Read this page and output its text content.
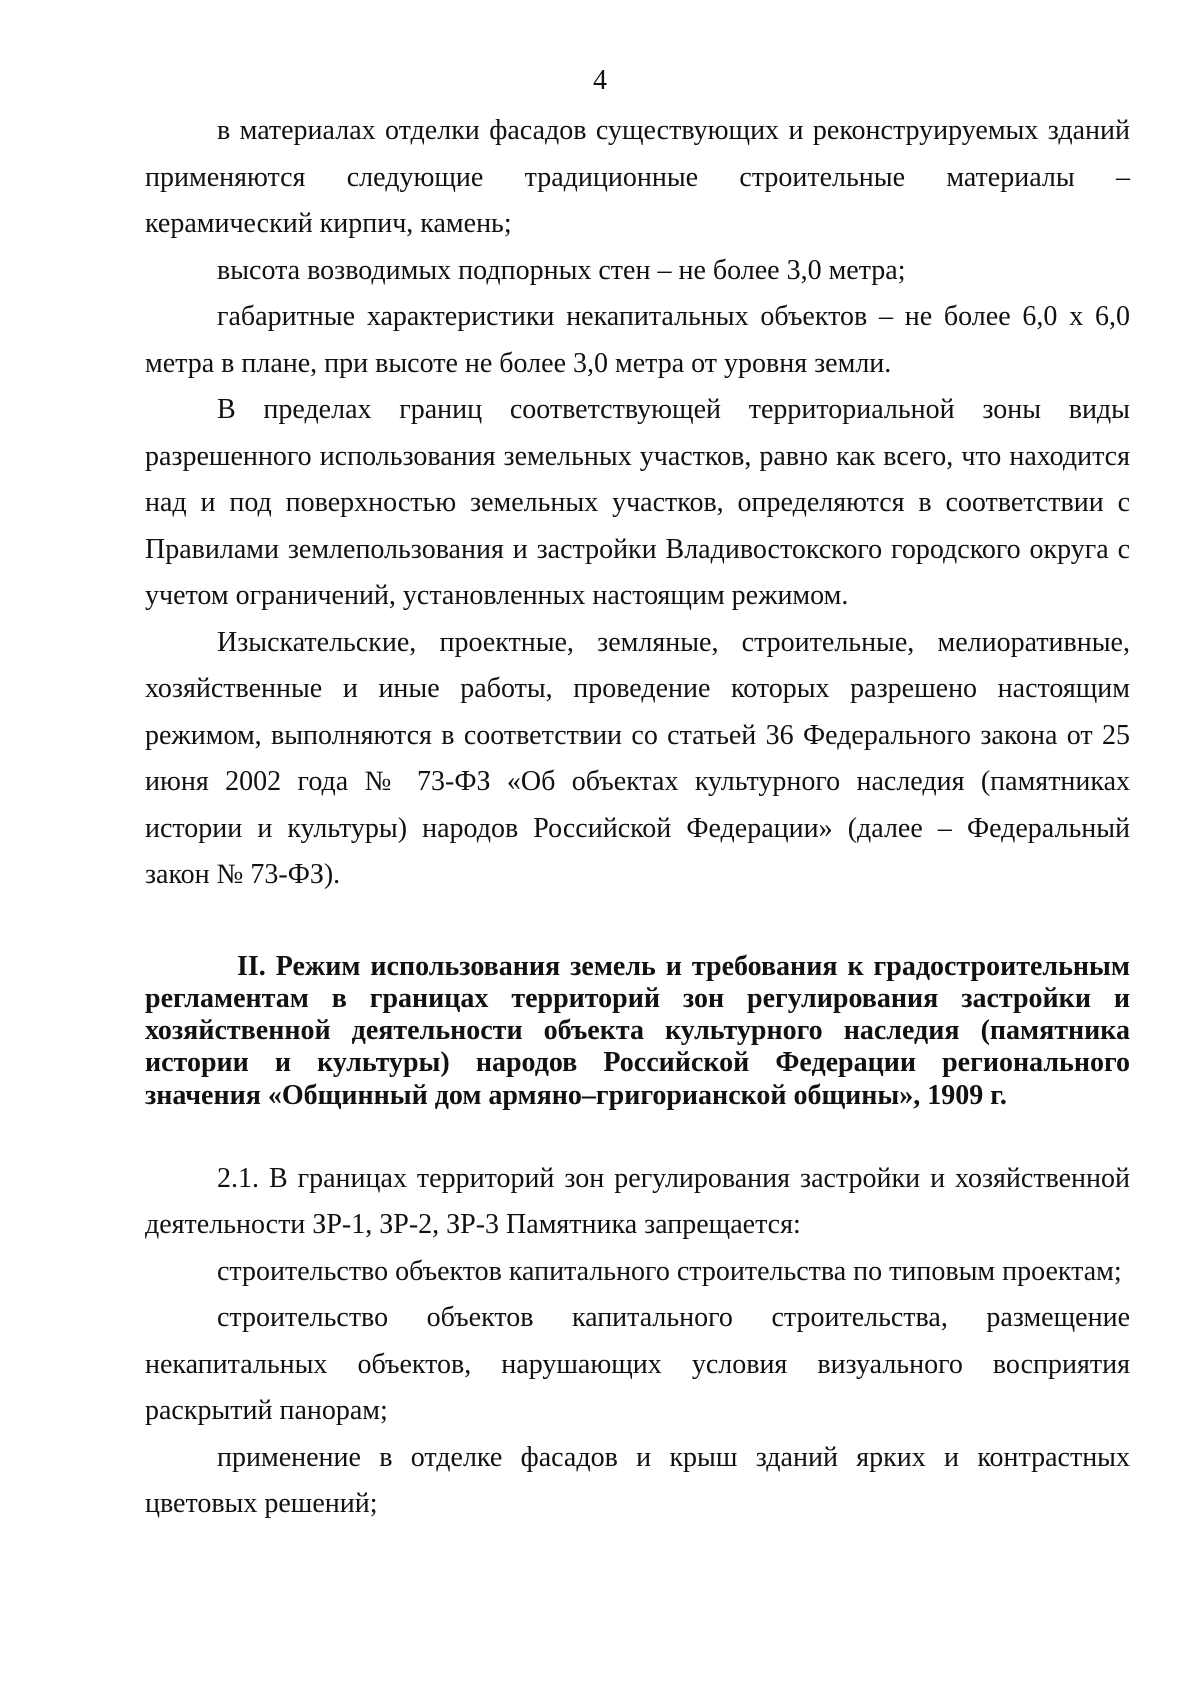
4

в материалах отделки фасадов существующих и реконструируемых зданий применяются следующие традиционные строительные материалы – керамический кирпич, камень;

высота возводимых подпорных стен – не более 3,0 метра;

габаритные характеристики некапитальных объектов – не более 6,0 х 6,0 метра в плане, при высоте не более 3,0 метра от уровня земли.

В пределах границ соответствующей территориальной зоны виды разрешенного использования земельных участков, равно как всего, что находится над и под поверхностью земельных участков, определяются в соответствии с Правилами землепользования и застройки Владивостокского городского округа с учетом ограничений, установленных настоящим режимом.

Изыскательские, проектные, земляные, строительные, мелиоративные, хозяйственные и иные работы, проведение которых разрешено настоящим режимом, выполняются в соответствии со статьей 36 Федерального закона от 25 июня 2002 года № 73-ФЗ «Об объектах культурного наследия (памятниках истории и культуры) народов Российской Федерации» (далее – Федеральный закон № 73-ФЗ).

II. Режим использования земель и требования к градостроительным регламентам в границах территорий зон регулирования застройки и хозяйственной деятельности объекта культурного наследия (памятника истории и культуры) народов Российской Федерации регионального значения «Общинный дом армяно–григорианской общины», 1909 г.

2.1. В границах территорий зон регулирования застройки и хозяйственной деятельности ЗР-1, ЗР-2, ЗР-3 Памятника запрещается:

строительство объектов капитального строительства по типовым проектам;

строительство объектов капитального строительства, размещение некапитальных объектов, нарушающих условия визуального восприятия раскрытий панорам;

применение в отделке фасадов и крыш зданий ярких и контрастных цветовых решений;
